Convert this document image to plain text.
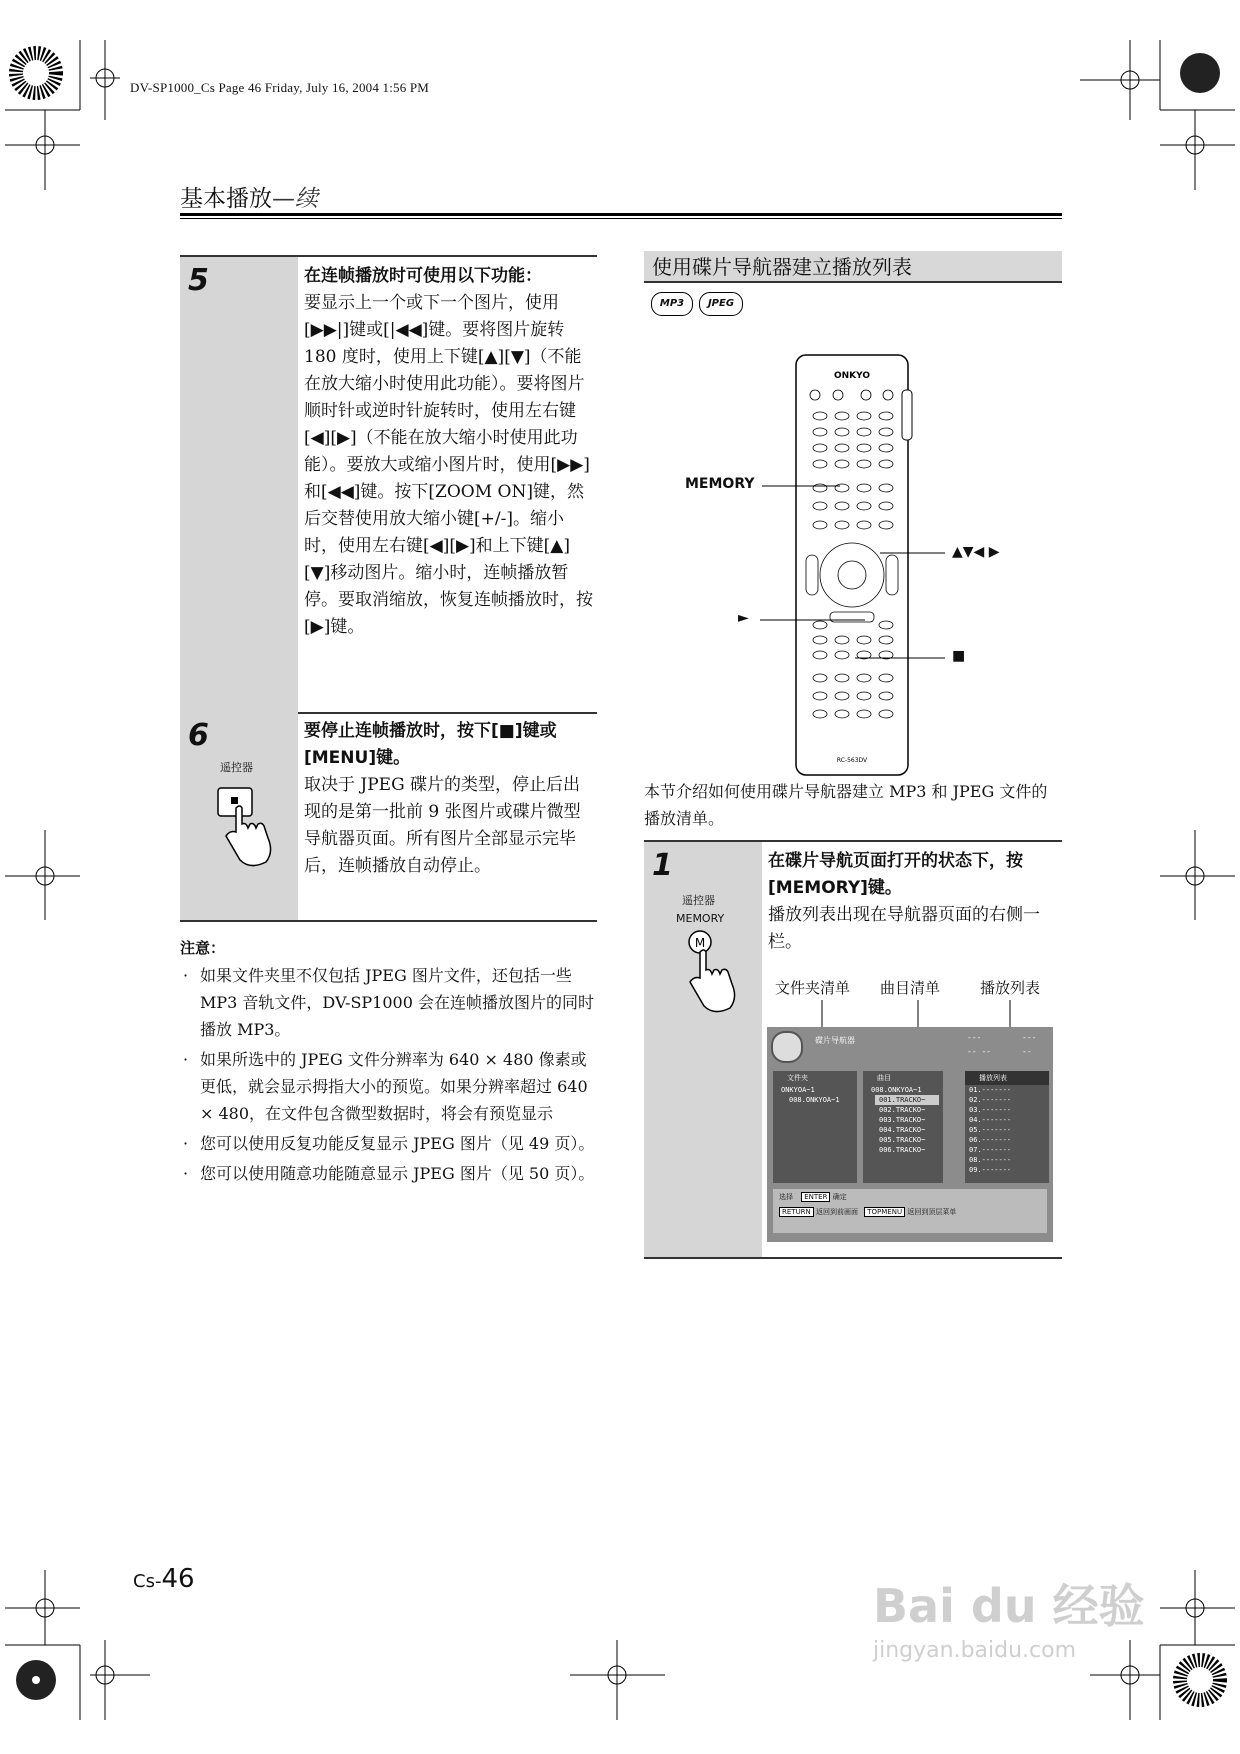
DV-SP1000_Cs Page 46 Friday, July 16, 2004 1:56 PM
基本播放—续
5	在连帧播放时可使用以下功能：
要显示上一个或下一个图片，使用[▶▶|]键或[|◀◀]键。要将图片旋转 180 度时，使用上下键[▲][▼]（不能在放大缩小时使用此功能）。要将图片顺时针或逆时针旋转时，使用左右键[◀][▶]（不能在放大缩小时使用此功能）。要放大或缩小图片时，使用[▶▶]和[◀◀]键。按下[ZOOM ON]键，然后交替使用放大缩小键[+/-]。缩小时，使用左右键[◀][▶]和上下键[▲][▼]移动图片。缩小时，连帧播放暂停。要取消缩放，恢复连帧播放时，按[▶]键。
6
遥控器
要停止连帧播放时，按下[■]键或[MENU]键。
取决于 JPEG 碟片的类型，停止后出现的是第一批前 9 张图片或碟片微型导航器页面。所有图片全部显示完毕后，连帧播放自动停止。
注意：
· 如果文件夹里不仅包括 JPEG 图片文件，还包括一些 MP3 音轨文件，DV-SP1000 会在连帧播放图片的同时播放 MP3。
· 如果所选中的 JPEG 文件分辨率为 640 × 480 像素或更低，就会显示拇指大小的预览。如果分辨率超过 640 × 480，在文件包含微型数据时，将会有预览显示
· 您可以使用反复功能反复显示 JPEG 图片（见 49 页）。
· 您可以使用随意功能随意显示 JPEG 图片（见 50 页）。
使用碟片导航器建立播放列表
MP3	JPEG
ONKYO
RC-563DV
MEMORY
▲▼◀ ▶
►
■
本节介绍如何使用碟片导航器建立 MP3 和 JPEG 文件的播放清单。
1
遥控器
MEMORY
M
在碟片导航页面打开的状态下，按[MEMORY]键。
播放列表出现在导航器页面的右侧一栏。
文件夹清单 曲目清单	播放列表
碟片导航器	---	---
-- --	--
文件夹
ONKYOA~1
008.ONKYOA~1
曲目
008.ONKYOA~1
001.TRACKO~
002.TRACKO~
003.TRACKO~
004.TRACKO~
005.TRACKO~
006.TRACKO~
播放列表
01.-------
02.-------
03.-------
04.-------
05.-------
06.-------
07.-------
08.-------
09.-------
选择 ENTER 确定
RETURN 返回到前画面 TOPMENU 返回到顶层菜单
Cs-46	Bai du 经验
jingyan.baidu.com
